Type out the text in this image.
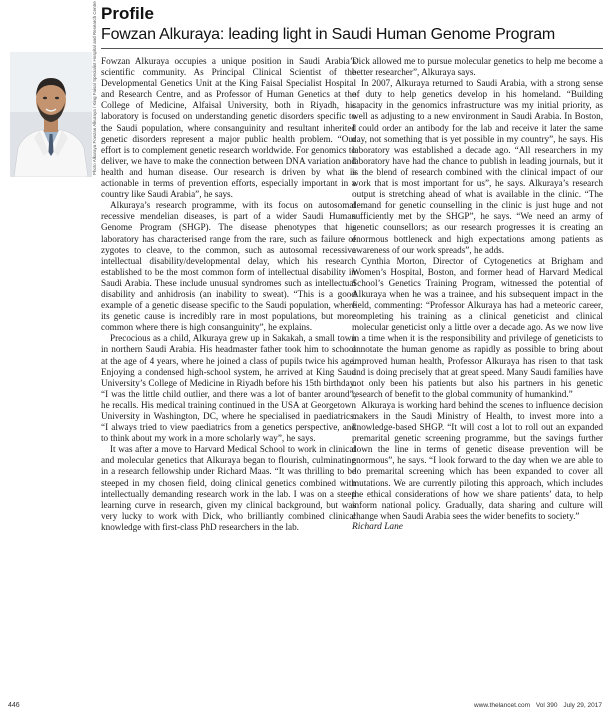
Profile
Fowzan Alkuraya: leading light in Saudi Human Genome Program
Photo Alkuraya Fowzan Alkuraya / King Faisal Specialist Hospital and Research Centre Fowzan Alkuraya occupies a unique position in Saudi Arabia’s scientific community. As Principal Clinical Scientist of the Developmental Genetics Unit at the King Faisal Specialist Hospital and Research Centre, and as Professor of Human Genetics at the College of Medicine, Alfaisal University, both in Riyadh, his laboratory is focused on understanding genetic disorders specific to the Saudi population, where consanguinity and resultant inherited genetic disorders represent a major public health problem. “Our effort is to complement genetic research worldwide. For genomics to deliver, we have to make the connection between DNA variation and health and human disease. Our research is driven by what is actionable in terms of prevention efforts, especially important in a country like Saudi Arabia”, he says.

Alkuraya’s research programme, with its focus on autosomal recessive mendelian diseases, is part of a wider Saudi Human Genome Program (SHGP). The disease phenotypes that his laboratory has characterised range from the rare, such as failure of zygotes to cleave, to the common, such as autosomal recessive intellectual disability/developmental delay, which his research established to be the most common form of intellectual disability in Saudi Arabia. These include unusual syndromes such as intellectual disability and anhidrosis (an inability to sweat). “This is a good example of a genetic disease specific to the Saudi population, where its genetic cause is incredibly rare in most populations, but more common where there is high consanguinity”, he explains.

Precocious as a child, Alkuraya grew up in Sakakah, a small town in northern Saudi Arabia. His headmaster father took him to school at the age of 4 years, where he joined a class of pupils twice his age. Enjoying a condensed high-school system, he arrived at King Saud University’s College of Medicine in Riyadh before his 15th birthday. “I was the little child outlier, and there was a lot of banter around”, he recalls. His medical training continued in the USA at Georgetown University in Washington, DC, where he specialised in paediatrics. “I always tried to view paediatrics from a genetics perspective, and to think about my work in a more scholarly way”, he says.

It was after a move to Harvard Medical School to work in clinical and molecular genetics that Alkuraya began to flourish, culminating in a research fellowship under Richard Maas. “It was thrilling to be steeped in my chosen field, doing clinical genetics combined with intellectually demanding research work in the lab. I was on a steep learning curve in research, given my clinical background, but was very lucky to work with Dick, who brilliantly combined clinical knowledge with first-class PhD researchers in the lab.

Dick allowed me to pursue molecular genetics to help me become a better researcher”, Alkuraya says.

In 2007, Alkuraya returned to Saudi Arabia, with a strong sense of duty to help genetics develop in his homeland. “Building capacity in the genomics infrastructure was my initial priority, as well as adjusting to a new environment in Saudi Arabia. In Boston, I could order an antibody for the lab and receive it later the same day, not something that is yet possible in my country”, he says. His laboratory was established a decade ago. “All researchers in my laboratory have had the chance to publish in leading journals, but it is the blend of research combined with the clinical impact of our work that is most important for us”, he says. Alkuraya’s research output is stretching ahead of what is available in the clinic. “The demand for genetic counselling in the clinic is just huge and not sufficiently met by the SHGP”, he says. “We need an army of genetic counsellors; as our research progresses it is creating an enormous bottleneck and high expectations among patients as awareness of our work spreads”, he adds.

Cynthia Morton, Director of Cytogenetics at Brigham and Women’s Hospital, Boston, and former head of Harvard Medical School’s Genetics Training Program, witnessed the potential of Alkuraya when he was a trainee, and his subsequent impact in the field, commenting: “Professor Alkuraya has had a meteoric career, completing his training as a clinical geneticist and clinical molecular geneticist only a little over a decade ago. As we now live in a time when it is the responsibility and privilege of geneticists to annotate the human genome as rapidly as possible to bring about improved human health, Professor Alkuraya has risen to that task and is doing precisely that at great speed. Many Saudi families have not only been his patients but also his partners in his genetic research of benefit to the global community of humankind.”

Alkuraya is working hard behind the scenes to influence decision makers in the Saudi Ministry of Health, to invest more into a knowledge-based SHGP. “It will cost a lot to roll out an expanded premarital genetic screening programme, but the savings further down the line in terms of genetic disease prevention will be enormous”, he says. “I look forward to the day when we are able to do premarital screening which has been expanded to cover all mutations. We are currently piloting this approach, which includes the ethical considerations of how we share patients’ data, to help inform national policy. Gradually, data sharing and culture will change when Saudi Arabia sees the wider benefits to society.”

Richard Lane

446	www.thelancet.com Vol 390 July 29, 2017
